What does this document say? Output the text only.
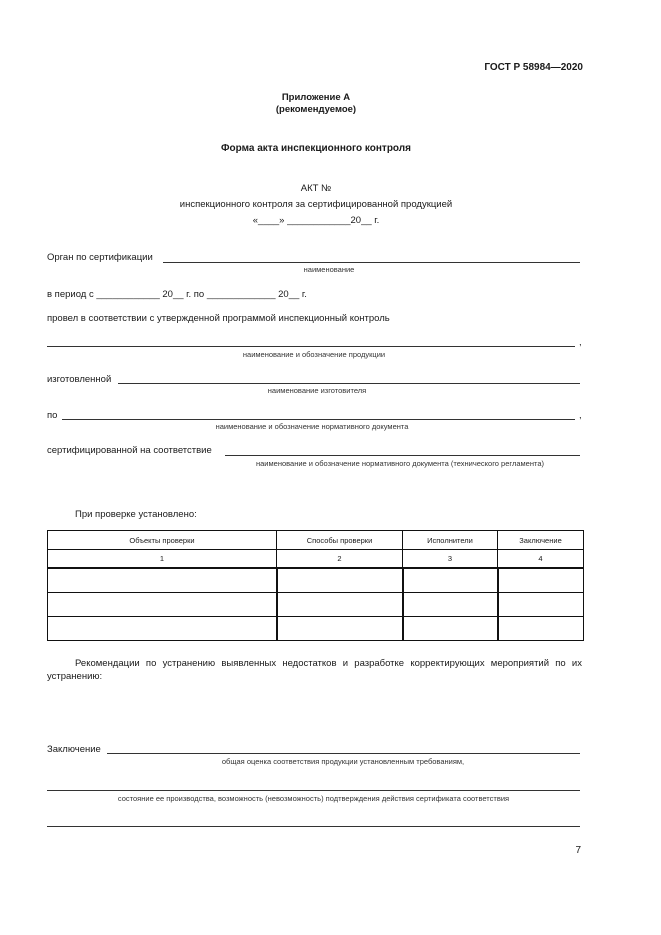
ГОСТ Р 58984—2020
Приложение А
(рекомендуемое)
Форма акта инспекционного контроля
АКТ №
инспекционного контроля за сертифицированной продукцией
«____» ____________20__ г.
Орган по сертификации
наименование
в период с ____________ 20__ г. по _____________ 20__ г.
провел в соответствии с утвержденной программой инспекционный контроль
,
наименование и обозначение продукции
изготовленной
наименование изготовителя
по	,
наименование и обозначение нормативного документа
сертифицированной на соответствие
наименование и обозначение нормативного документа (технического регламента)
При проверке установлено:
Объекты проверки	Способы проверки	Исполнители	Заключение
1	2	3	4

Рекомендации по устранению выявленных недостатков и разработке корректирующих мероприятий по их
устранению:
Заключение
общая оценка соответствия продукции установленным требованиям,
состояние ее производства, возможность (невозможность) подтверждения действия сертификата соответствия
7
